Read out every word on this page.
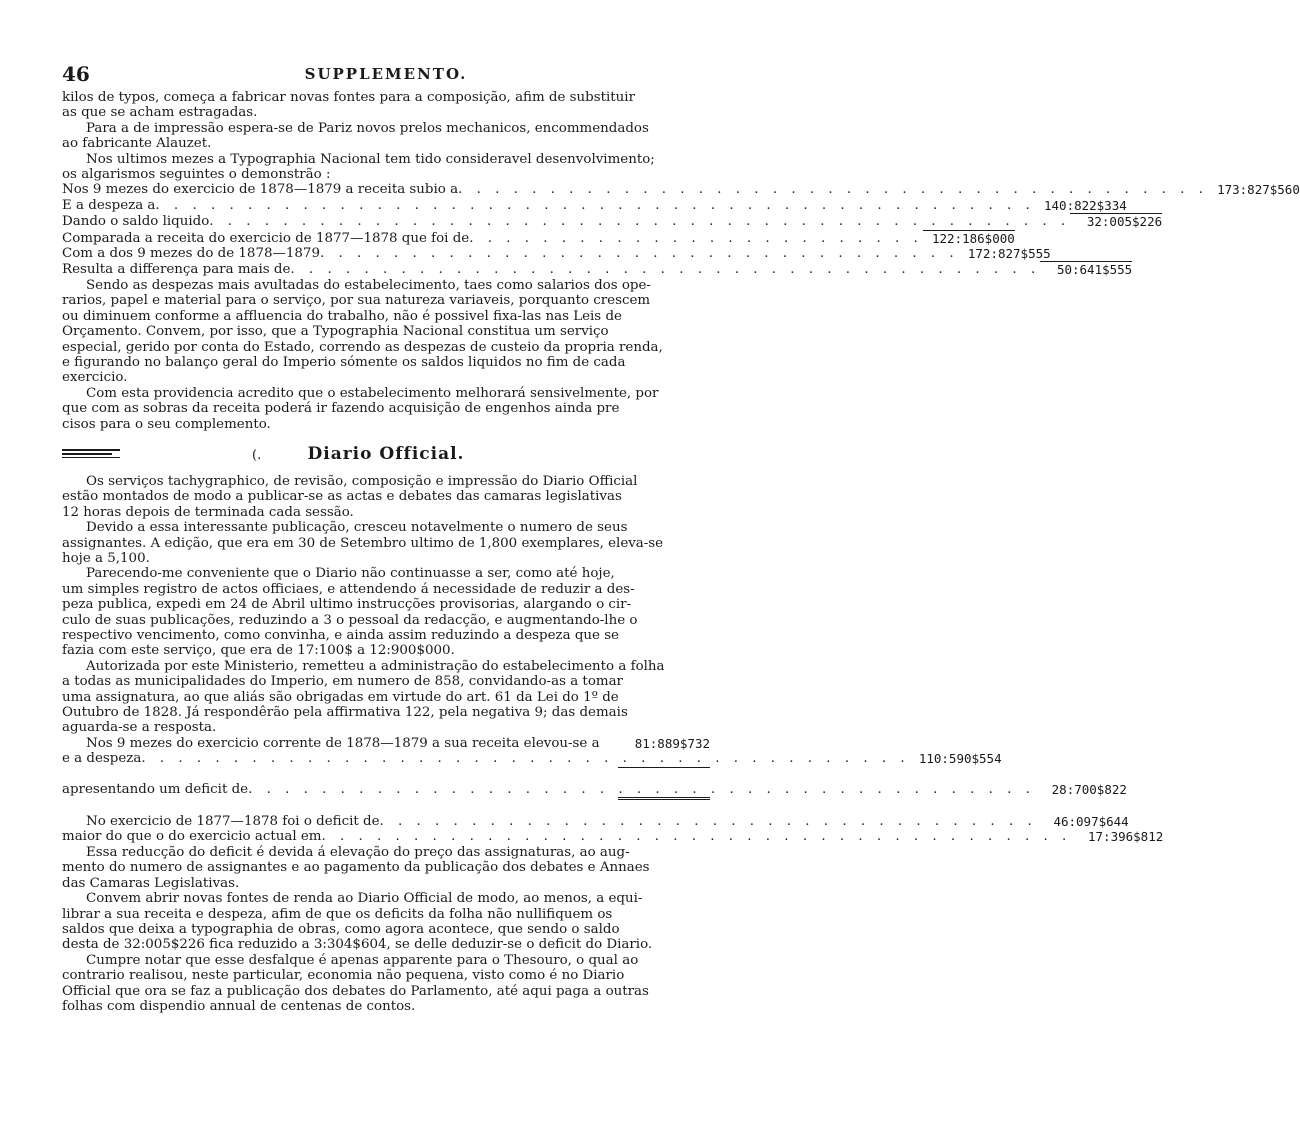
46	SUPPLEMENTO.
kilos de typos, começa a fabricar novas fontes para a composição, afim de substituir
as que se acham estragadas.
Para a de impressão espera-se de Pariz novos prelos mechanicos, encommendados
ao fabricante Alauzet.
Nos ultimos mezes a Typographia Nacional tem tido consideravel desenvolvimento;
os algarismos seguintes o demonstrão :
Nos 9 mezes do exercicio de 1878—1879 a receita subio a . . . . . . . . . . . . . . . . . . . . . . . . . . . . . . . . . . . . . . . . . 173:827$560
E a despeza a . . . . . . . . . . . . . . . . . . . . . . . . . . . . . . . . . . . . . . . . . . . . . . . . 140:822$334
Dando o saldo liquido . . . . . . . . . . . . . . . . . . . . . . . . . . . . . . . . . . . . . . . . . . . . . . .	32:005$226
Comparada a receita do exercicio de 1877—1878 que foi de . . . . . . . . . . . . . . . . . . . . . . . . . 122:186$000
Com a dos 9 mezes do de 1878—1879 . . . . . . . . . . . . . . . . . . . . . . . . . . . . . . . . . . . 172:827$555
Resulta a differença para mais de . . . . . . . . . . . . . . . . . . . . . . . . . . . . . . . . . . . . . . . . .	50:641$555
Sendo as despezas mais avultadas do estabelecimento, taes como salarios dos ope-
rarios, papel e material para o serviço, por sua natureza variaveis, porquanto crescem
ou diminuem conforme a affluencia do trabalho, não é possivel fixa-las nas Leis de
Orçamento. Convem, por isso, que a Typographia Nacional constitua um serviço
especial, gerido por conta do Estado, correndo as despezas de custeio da propria renda,
e figurando no balanço geral do Imperio sómente os saldos liquidos no fim de cada
exercicio.
Com esta providencia acredito que o estabelecimento melhorará sensivelmente, por
que com as sobras da receita poderá ir fazendo acquisição de engenhos ainda pre
cisos para o seu complemento.
(.	Diario Official.
Os serviços tachygraphico, de revisão, composição e impressão do Diario Official
estão montados de modo a publicar-se as actas e debates das camaras legislativas
12 horas depois de terminada cada sessão.
Devido a essa interessante publicação, cresceu notavelmente o numero de seus
assignantes. A edição, que era em 30 de Setembro ultimo de 1,800 exemplares, eleva-se
hoje a 5,100.
Parecendo-me conveniente que o Diario não continuasse a ser, como até hoje,
um simples registro de actos officiaes, e attendendo á necessidade de reduzir a des-
peza publica, expedi em 24 de Abril ultimo instrucções provisorias, alargando o cir-
culo de suas publicações, reduzindo a 3 o pessoal da redacção, e augmentando-lhe o
respectivo vencimento, como convinha, e ainda assim reduzindo a despeza que se
fazia com este serviço, que era de 17:100$ a 12:900$000.
Autorizada por este Ministerio, remetteu a administração do estabelecimento a folha
a todas as municipalidades do Imperio, em numero de 858, convidando-as a tomar
uma assignatura, ao que aliás são obrigadas em virtude do art. 61 da Lei do 1º de
Outubro de 1828. Já respondêrão pela affirmativa 122, pela negativa 9; das demais
aguarda-se a resposta.
Nos 9 mezes do exercicio corrente de 1878—1879 a sua receita elevou-se a	81:889$732
e a despeza . . . . . . . . . . . . . . . . . . . . . . . . . . . . . . . . . . . . . . . . . . 110:590$554
apresentando um deficit de . . . . . . . . . . . . . . . . . . . . . . . . . . . . . . . . . . . . . . . . . . .	28:700$822
No exercicio de 1877—1878 foi o deficit de . . . . . . . . . . . . . . . . . . . . . . . . . . . . . . . . . . . .	46:097$644
maior do que o do exercicio actual em . . . . . . . . . . . . . . . . . . . . . . . . . . . . . . . . . . . . . . . . .	17:396$812
Essa reducção do deficit é devida á elevação do preço das assignaturas, ao aug-
mento do numero de assignantes e ao pagamento da publicação dos debates e Annaes
das Camaras Legislativas.
Convem abrir novas fontes de renda ao Diario Official de modo, ao menos, a equi-
librar a sua receita e despeza, afim de que os deficits da folha não nullifiquem os
saldos que deixa a typographia de obras, como agora acontece, que sendo o saldo
desta de 32:005$226 fica reduzido a 3:304$604, se delle deduzir-se o deficit do Diario.
Cumpre notar que esse desfalque é apenas apparente para o Thesouro, o qual ao
contrario realisou, neste particular, economia não pequena, visto como é no Diario
Official que ora se faz a publicação dos debates do Parlamento, até aqui paga a outras
folhas com dispendio annual de centenas de contos.
